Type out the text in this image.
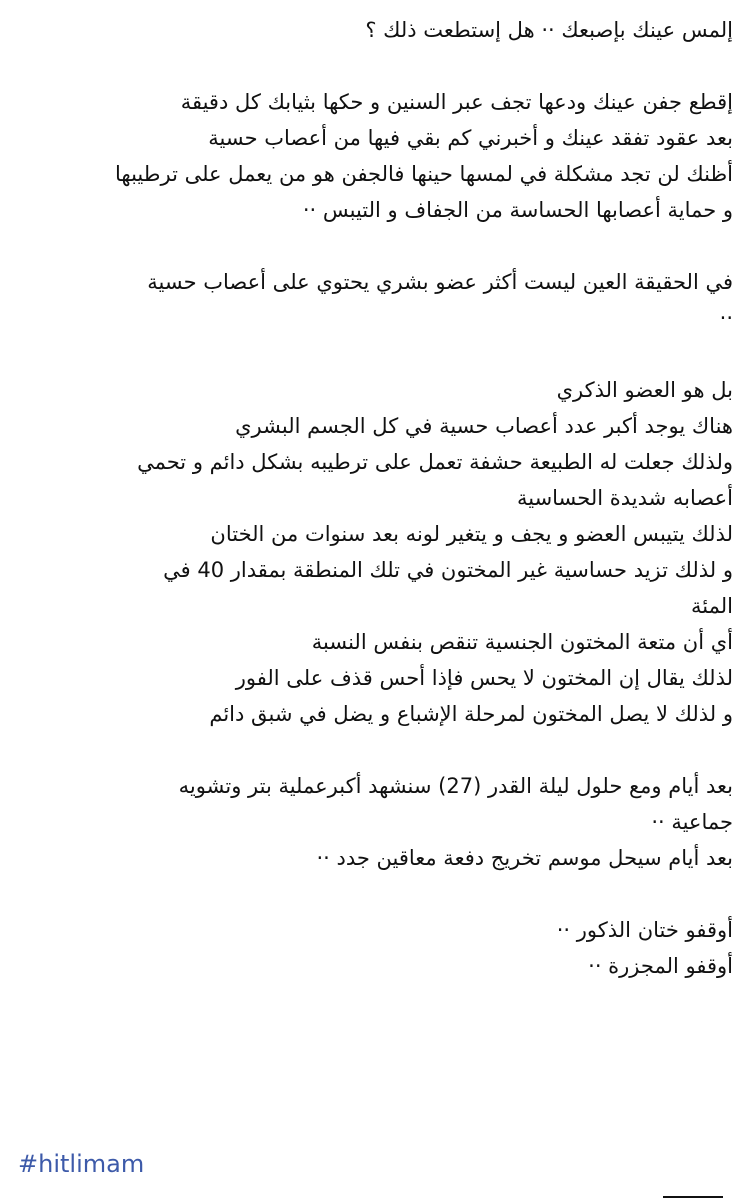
إلمس عينك بإصبعك ·· هل إستطعت ذلك ؟
إقطع جفن عينك ودعها تجف عبر السنين و حكها بثيابك كل دقيقة
بعد عقود تفقد عينك و أخبرني كم بقي فيها من أعصاب حسية
أظنك لن تجد مشكلة في لمسها حينها فالجفن هو من يعمل على ترطيبها
و حماية أعصابها الحساسة من الجفاف و التيبس ··
في الحقيقة العين ليست أكثر عضو بشري يحتوي على أعصاب حسية
··
بل هو العضو الذكري
هناك يوجد أكبر عدد أعصاب حسية في كل الجسم البشري
ولذلك جعلت له الطبيعة حشفة تعمل على ترطيبه بشكل دائم و تحمي
أعصابه شديدة الحساسية
لذلك يتيبس العضو و يجف و يتغير لونه بعد سنوات من الختان
و لذلك تزيد حساسية غير المختون في تلك المنطقة بمقدار 40 في
المئة
أي أن متعة المختون الجنسية تنقص بنفس النسبة
لذلك يقال إن المختون لا يحس فإذا أحس قذف على الفور
و لذلك لا يصل المختون لمرحلة الإشباع و يضل في شبق دائم
بعد أيام ومع حلول ليلة القدر (27) سنشهد أكبرعملية بتر وتشويه
جماعية ··
بعد أيام سيحل موسم تخريج دفعة معاقين جدد ··
أوقفو ختان الذكور ··
أوقفو المجزرة ··
#hitlimam
